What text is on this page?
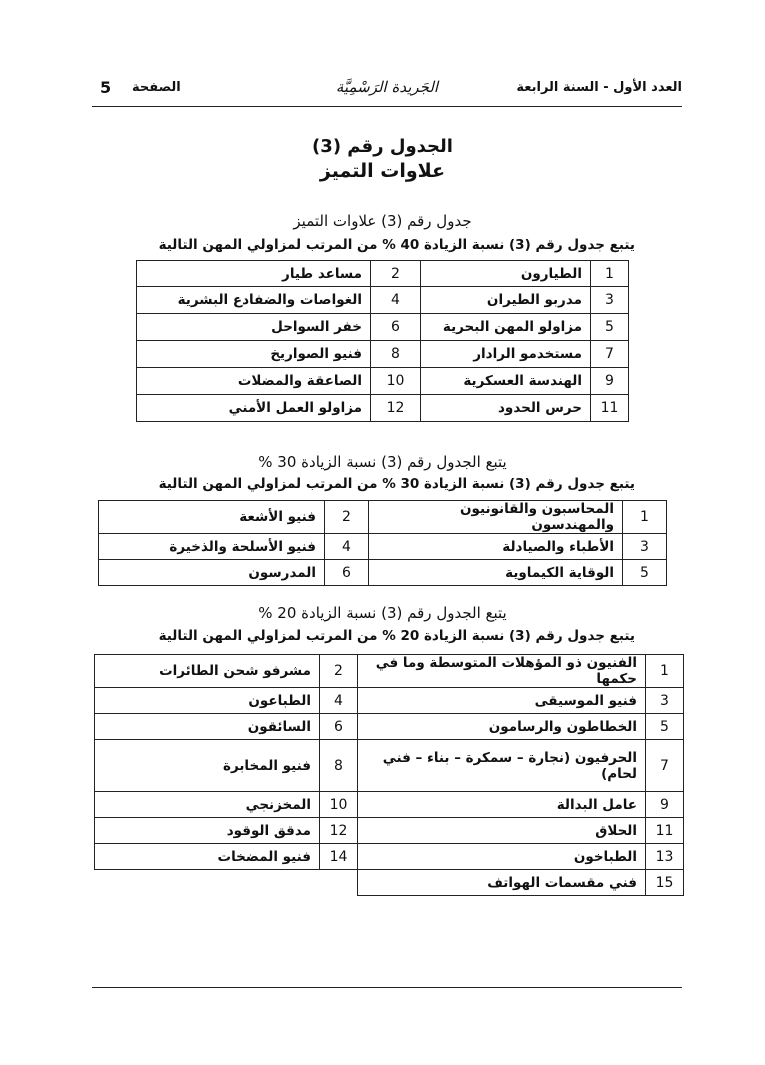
العدد الأول - السنة الرابعة
الجَريدة الرَسْمِيَّة
الصفحة
5
الجدول رقم (3)
علاوات التميز
جدول رقم (3) علاوات التميز
يتبع جدول رقم (3) نسبة الزيادة 40 % من المرتب لمزاولي المهن التالية
1	الطيارون	2	مساعد طيار
3	مدربو الطيران	4	الغواصات والضفادع البشرية
5	مزاولو المهن البحرية	6	خفر السواحل
7	مستخدمو الرادار	8	فنيو الصواريخ
9	الهندسة العسكرية	10	الصاعقة والمضلات
11	حرس الحدود	12	مزاولو العمل الأمني
يتبع الجدول رقم (3) نسبة الزيادة 30 %
يتبع جدول رقم (3) نسبة الزيادة 30 % من المرتب لمزاولي المهن التالية
1	المحاسبون والقانونيون والمهندسون	2	فنيو الأشعة
3	الأطباء والصيادلة	4	فنيو الأسلحة والذخيرة
5	الوقاية الكيماوية	6	المدرسون
يتبع الجدول رقم (3) نسبة الزيادة 20 %
يتبع جدول رقم (3) نسبة الزيادة 20 % من المرتب لمزاولي المهن التالية
1	الفنيون ذو المؤهلات المتوسطة وما في حكمها	2	مشرفو شحن الطائرات
3	فنيو الموسيقى	4	الطباعون
5	الخطاطون والرسامون	6	السائقون
7	الحرفيون (نجارة – سمكرة – بناء – فني لحام)	8	فنيو المخابرة
9	عامل البدالة	10	المخزنجي
11	الحلاق	12	مدقق الوقود
13	الطباخون	14	فنيو المضخات
15	فني مقسمات الهواتف		
